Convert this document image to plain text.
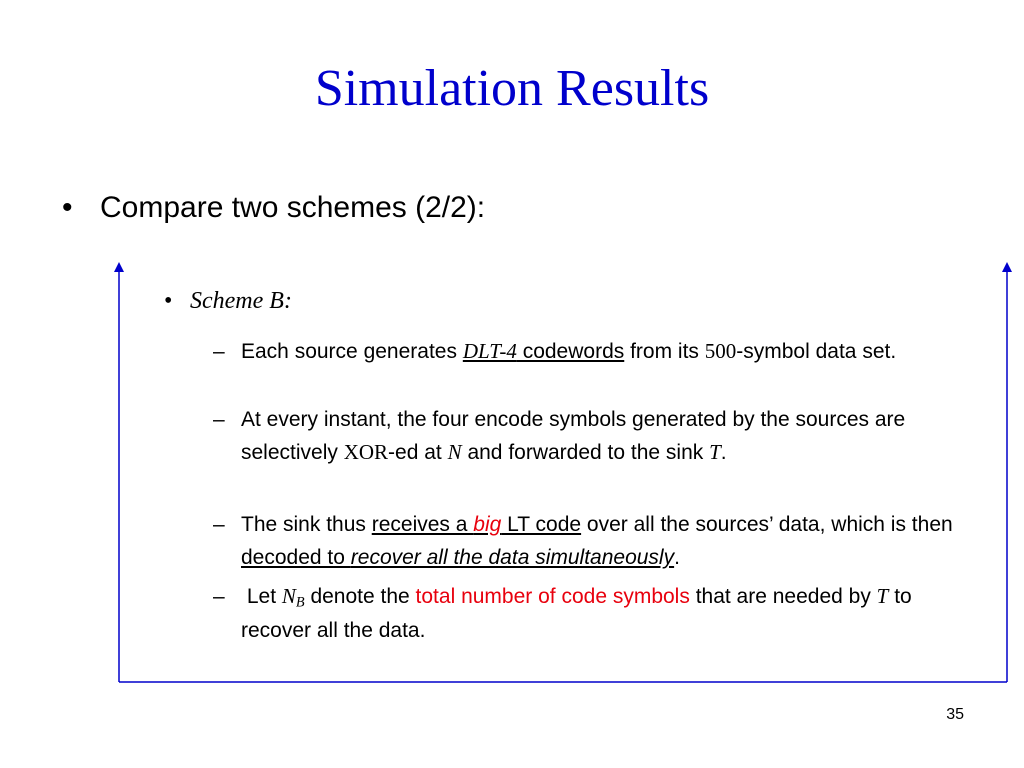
Simulation Results
• Compare two schemes (2/2):
• Scheme B:
– Each source generates DLT-4 codewords from its 500-symbol data set.
– At every instant, the four encode symbols generated by the sources are selectively XOR-ed at N and forwarded to the sink T.
– The sink thus receives a big LT code over all the sources’ data, which is then decoded to recover all the data simultaneously.
– Let $N_B$ denote the total number of code symbols that are needed by T to recover all the data.
35
